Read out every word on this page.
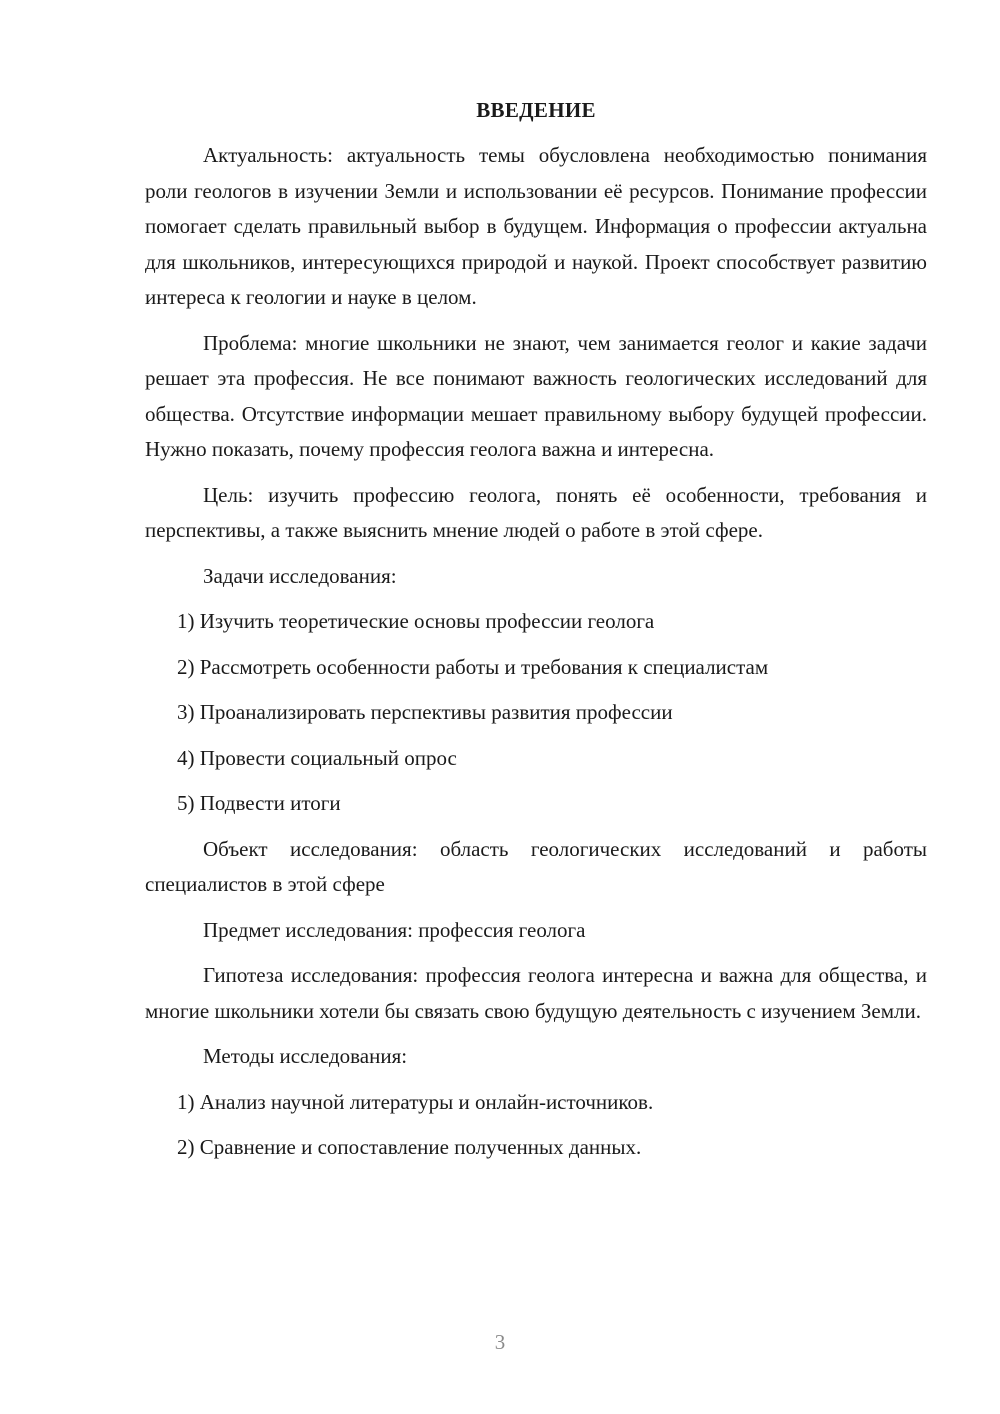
ВВЕДЕНИЕ

Актуальность: актуальность темы обусловлена необходимостью понимания роли геологов в изучении Земли и использовании её ресурсов. Понимание профессии помогает сделать правильный выбор в будущем. Информация о профессии актуальна для школьников, интересующихся природой и наукой. Проект способствует развитию интереса к геологии и науке в целом.

Проблема: многие школьники не знают, чем занимается геолог и какие задачи решает эта профессия. Не все понимают важность геологических исследований для общества. Отсутствие информации мешает правильному выбору будущей профессии. Нужно показать, почему профессия геолога важна и интересна.

Цель: изучить профессию геолога, понять её особенности, требования и перспективы, а также выяснить мнение людей о работе в этой сфере.

Задачи исследования:

1) Изучить теоретические основы профессии геолога
2) Рассмотреть особенности работы и требования к специалистам
3) Проанализировать перспективы развития профессии
4) Провести социальный опрос
5) Подвести итоги

Объект исследования: область геологических исследований и работы специалистов в этой сфере

Предмет исследования: профессия геолога

Гипотеза исследования: профессия геолога интересна и важна для общества, и многие школьники хотели бы связать свою будущую деятельность с изучением Земли.

Методы исследования:

1) Анализ научной литературы и онлайн-источников.
2) Сравнение и сопоставление полученных данных.
3
